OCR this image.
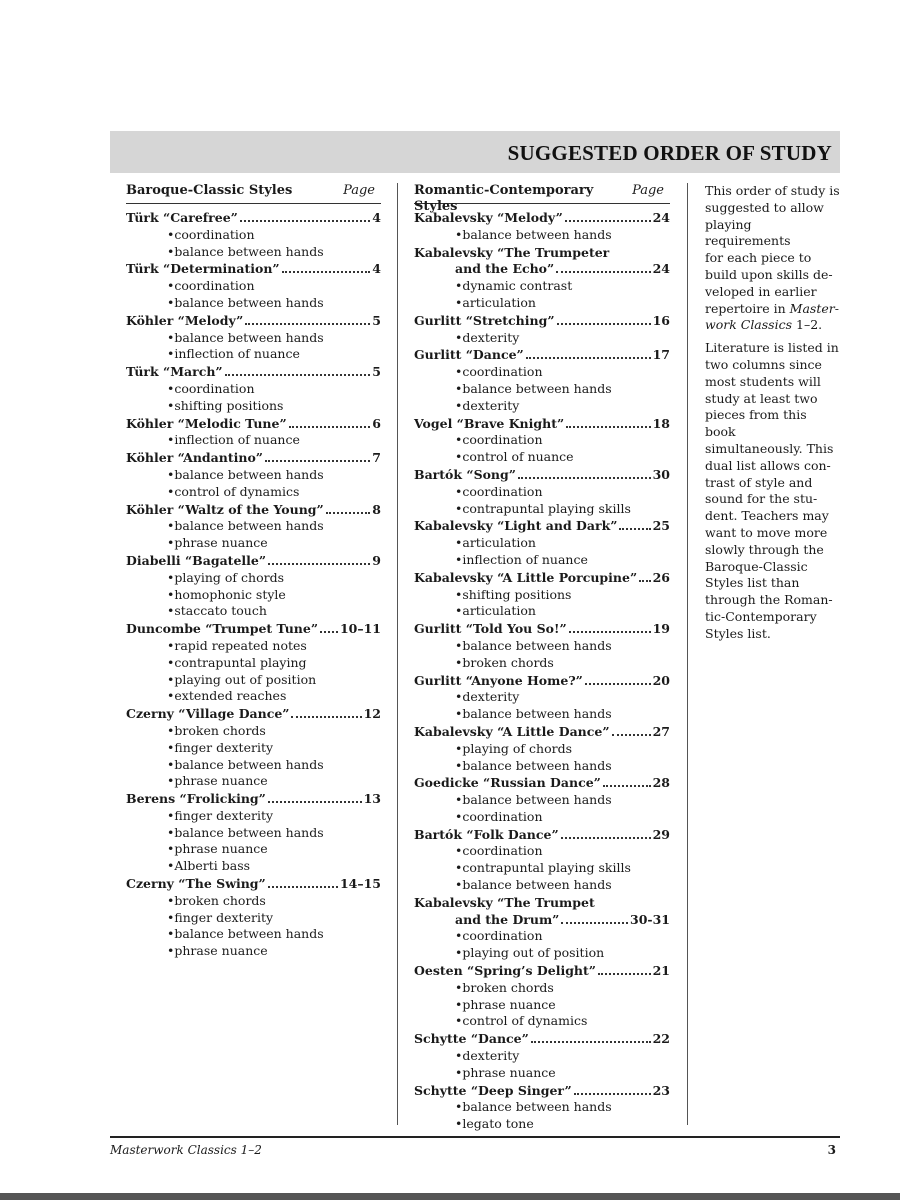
SUGGESTED ORDER OF STUDY
Baroque-Classic Styles	Page
Türk “Carefree”	4
•coordination
•balance between hands
Türk “Determination”	4
•coordination
•balance between hands
Köhler “Melody”	5
•balance between hands
•inflection of nuance
Türk “March”	5
•coordination
•shifting positions
Köhler “Melodic Tune”	6
•inflection of nuance
Köhler “Andantino”	7
•balance between hands
•control of dynamics
Köhler “Waltz of the Young”	8
•balance between hands
•phrase nuance
Diabelli “Bagatelle”	9
•playing of chords
•homophonic style
•staccato touch
Duncombe “Trumpet Tune” 10–11
•rapid repeated notes
•contrapuntal playing
•playing out of position
•extended reaches
Czerny “Village Dance”	12
•broken chords
•finger dexterity
•balance between hands
•phrase nuance
Berens “Frolicking”	13
•finger dexterity
•balance between hands
•phrase nuance
•Alberti bass
Czerny “The Swing”	14–15
•broken chords
•finger dexterity
•balance between hands
•phrase nuance
Romantic-Contemporary Styles
Page
Kabalevsky “Melody”	24
•balance between hands
Kabalevsky “The Trumpeter
and the Echo”	24
•dynamic contrast
•articulation
Gurlitt “Stretching”	16
•dexterity
Gurlitt “Dance”	17
•coordination
•balance between hands
•dexterity
Vogel “Brave Knight”	18
•coordination
•control of nuance
Bartók “Song”	30
•coordination
•contrapuntal playing skills
Kabalevsky “Light and Dark”	25
•articulation
•inflection of nuance
Kabalevsky “A Little Porcupine” 26
•shifting positions
•articulation
Gurlitt “Told You So!”	19
•balance between hands
•broken chords
Gurlitt “Anyone Home?”	20
•dexterity
•balance between hands
Kabalevsky “A Little Dance”	27
•playing of chords
•balance between hands
Goedicke “Russian Dance”	28
•balance between hands
•coordination
Bartók “Folk Dance”	29
•coordination
•contrapuntal playing skills
•balance between hands
Kabalevsky “The Trumpet
and the Drum”	30-31
•coordination
•playing out of position
Oesten “Spring’s Delight”	21
•broken chords
•phrase nuance
•control of dynamics
Schytte “Dance”	22
•dexterity
•phrase nuance
Schytte “Deep Singer”	23
•balance between hands
•legato tone

This order of study is
suggested to allow
playing requirements
for each piece to
build upon skills de-
veloped in earlier
repertoire in Master-
work Classics 1–2.

Literature is listed in
two columns since
most students will
study at least two
pieces from this book
simultaneously. This
dual list allows con-
trast of style and
sound for the stu-
dent. Teachers may
want to move more
slowly through the
Baroque-Classic
Styles list than
through the Roman-
tic-Contemporary
Styles list.

Masterwork Classics 1–2	3
